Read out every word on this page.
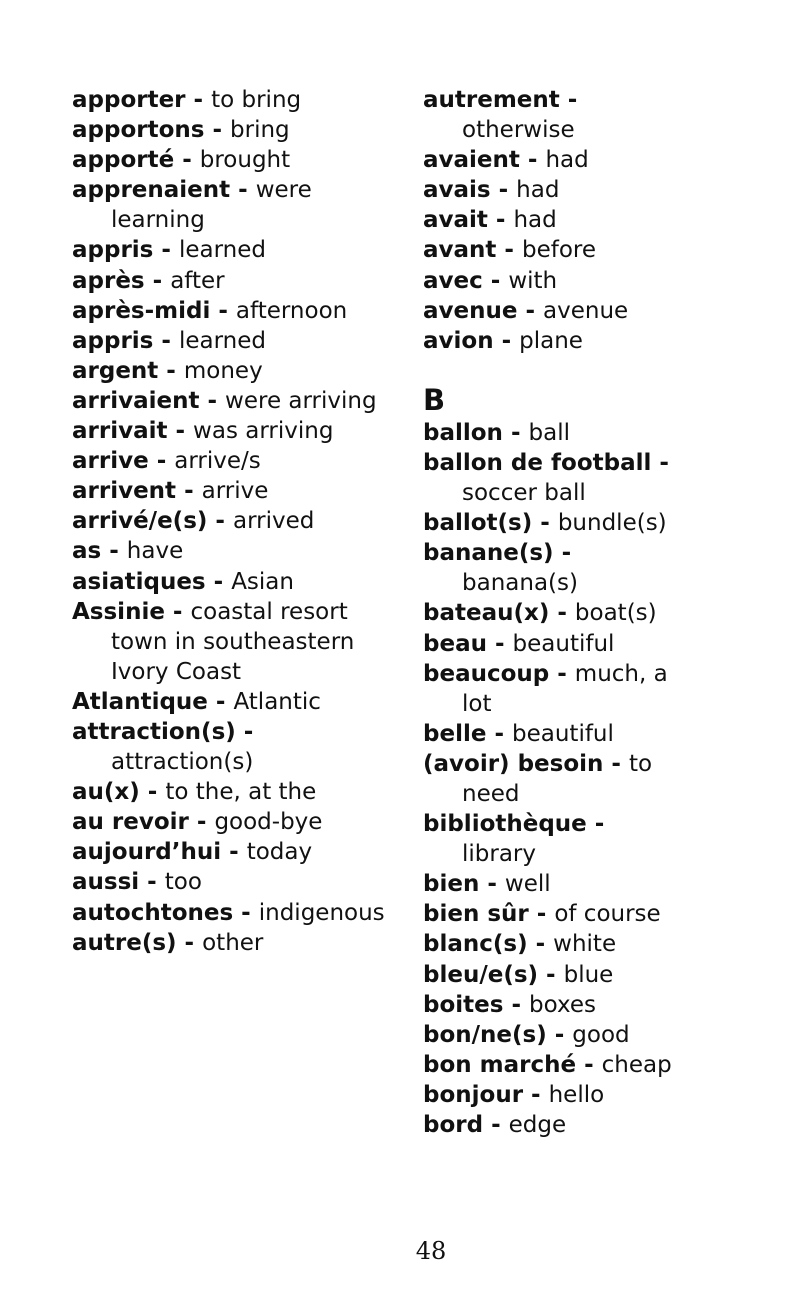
apporter - to bring

apportons - bring

apporté - brought

apprenaient - were learning

appris - learned

après - after

après-midi - afternoon

appris - learned

argent - money

arrivaient - were arriving

arrivait - was arriving

arrive - arrive/s

arrivent - arrive

arrivé/e(s) - arrived

as - have

asiatiques - Asian

Assinie - coastal resort town in southeastern Ivory Coast

Atlantique - Atlantic

attraction(s) - attraction(s)

au(x) - to the, at the

au revoir - good-bye

aujourd’hui - today

aussi - too

autochtones - indigenous

autre(s) - other

autrement - otherwise

avaient - had

avais - had

avait - had

avant - before

avec - with

avenue - avenue

avion - plane

B

ballon - ball

ballon de football - soccer ball

ballot(s) - bundle(s)

banane(s) - banana(s)

bateau(x) - boat(s)

beau - beautiful

beaucoup - much, a lot

belle - beautiful

(avoir) besoin - to need

bibliothèque - library

bien - well

bien sûr - of course

blanc(s) - white

bleu/e(s) - blue

boites - boxes

bon/ne(s) - good

bon marché - cheap

bonjour - hello

bord - edge

48
